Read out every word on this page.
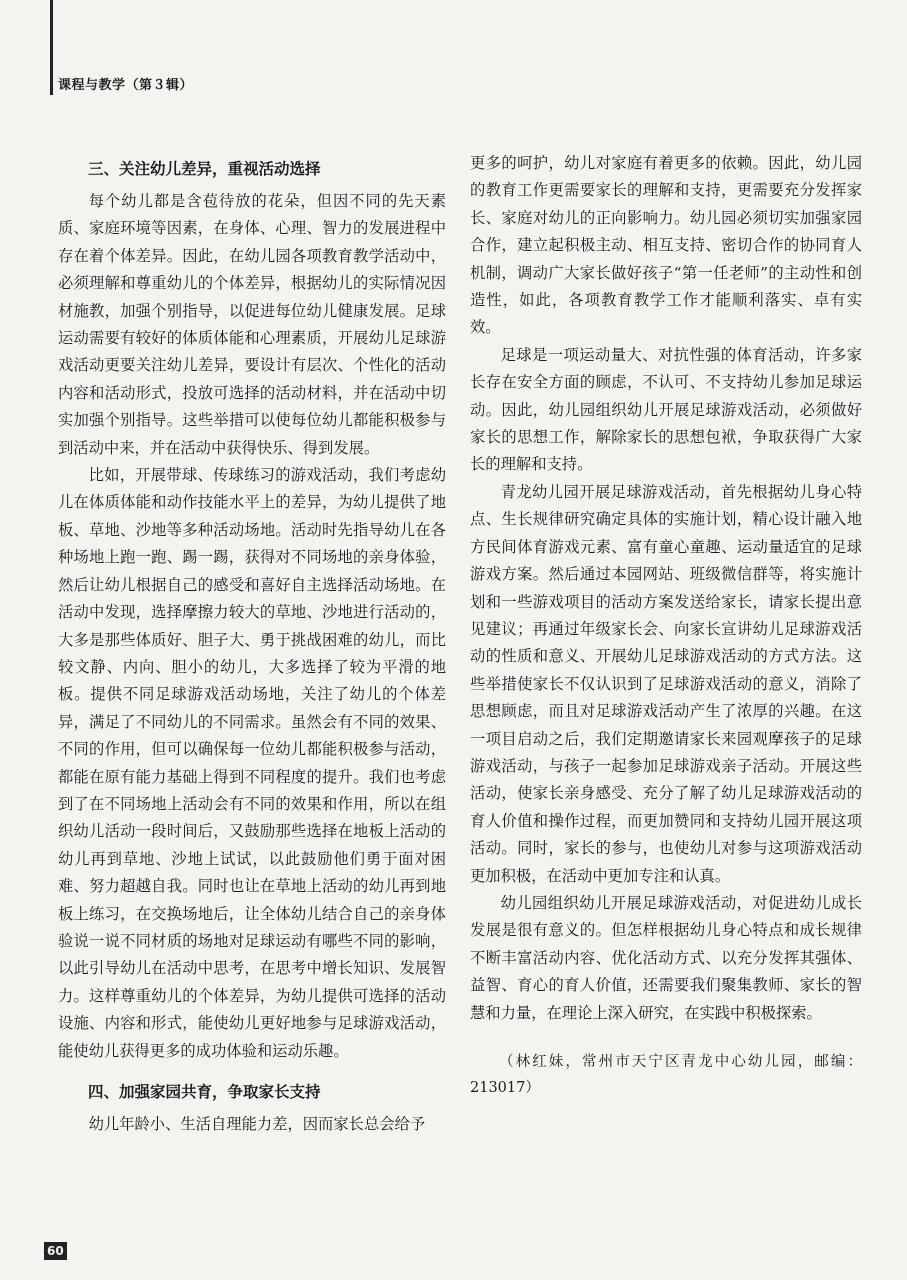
课程与教学（第３辑）
三、关注幼儿差异，重视活动选择

每个幼儿都是含苞待放的花朵，但因不同的先天素质、家庭环境等因素，在身体、心理、智力的发展进程中存在着个体差异。因此，在幼儿园各项教育教学活动中，必须理解和尊重幼儿的个体差异，根据幼儿的实际情况因材施教，加强个别指导，以促进每位幼儿健康发展。足球运动需要有较好的体质体能和心理素质，开展幼儿足球游戏活动更要关注幼儿差异，要设计有层次、个性化的活动内容和活动形式，投放可选择的活动材料，并在活动中切实加强个别指导。这些举措可以使每位幼儿都能积极参与到活动中来，并在活动中获得快乐、得到发展。

比如，开展带球、传球练习的游戏活动，我们考虑幼儿在体质体能和动作技能水平上的差异，为幼儿提供了地板、草地、沙地等多种活动场地。活动时先指导幼儿在各种场地上跑一跑、踢一踢，获得对不同场地的亲身体验，然后让幼儿根据自己的感受和喜好自主选择活动场地。在活动中发现，选择摩擦力较大的草地、沙地进行活动的，大多是那些体质好、胆子大、勇于挑战困难的幼儿，而比较文静、内向、胆小的幼儿，大多选择了较为平滑的地板。提供不同足球游戏活动场地，关注了幼儿的个体差异，满足了不同幼儿的不同需求。虽然会有不同的效果、不同的作用，但可以确保每一位幼儿都能积极参与活动，都能在原有能力基础上得到不同程度的提升。我们也考虑到了在不同场地上活动会有不同的效果和作用，所以在组织幼儿活动一段时间后，又鼓励那些选择在地板上活动的幼儿再到草地、沙地上试试，以此鼓励他们勇于面对困难、努力超越自我。同时也让在草地上活动的幼儿再到地板上练习，在交换场地后，让全体幼儿结合自己的亲身体验说一说不同材质的场地对足球运动有哪些不同的影响，以此引导幼儿在活动中思考，在思考中增长知识、发展智力。这样尊重幼儿的个体差异，为幼儿提供可选择的活动设施、内容和形式，能使幼儿更好地参与足球游戏活动，能使幼儿获得更多的成功体验和运动乐趣。

四、加强家园共育，争取家长支持

幼儿年龄小、生活自理能力差，因而家长总会给予

更多的呵护，幼儿对家庭有着更多的依赖。因此，幼儿园的教育工作更需要家长的理解和支持，更需要充分发挥家长、家庭对幼儿的正向影响力。幼儿园必须切实加强家园合作，建立起积极主动、相互支持、密切合作的协同育人机制，调动广大家长做好孩子“第一任老师”的主动性和创造性，如此，各项教育教学工作才能顺利落实、卓有实效。

足球是一项运动量大、对抗性强的体育活动，许多家长存在安全方面的顾虑，不认可、不支持幼儿参加足球运动。因此，幼儿园组织幼儿开展足球游戏活动，必须做好家长的思想工作，解除家长的思想包袱，争取获得广大家长的理解和支持。

青龙幼儿园开展足球游戏活动，首先根据幼儿身心特点、生长规律研究确定具体的实施计划，精心设计融入地方民间体育游戏元素、富有童心童趣、运动量适宜的足球游戏方案。然后通过本园网站、班级微信群等，将实施计划和一些游戏项目的活动方案发送给家长，请家长提出意见建议；再通过年级家长会、向家长宣讲幼儿足球游戏活动的性质和意义、开展幼儿足球游戏活动的方式方法。这些举措使家长不仅认识到了足球游戏活动的意义，消除了思想顾虑，而且对足球游戏活动产生了浓厚的兴趣。在这一项目启动之后，我们定期邀请家长来园观摩孩子的足球游戏活动，与孩子一起参加足球游戏亲子活动。开展这些活动，使家长亲身感受、充分了解了幼儿足球游戏活动的育人价值和操作过程，而更加赞同和支持幼儿园开展这项活动。同时，家长的参与，也使幼儿对参与这项游戏活动更加积极，在活动中更加专注和认真。

幼儿园组织幼儿开展足球游戏活动，对促进幼儿成长发展是很有意义的。但怎样根据幼儿身心特点和成长规律不断丰富活动内容、优化活动方式、以充分发挥其强体、益智、育心的育人价值，还需要我们聚集教师、家长的智慧和力量，在理论上深入研究，在实践中积极探索。

（林红妹，常州市天宁区青龙中心幼儿园，邮编：213017）
60
